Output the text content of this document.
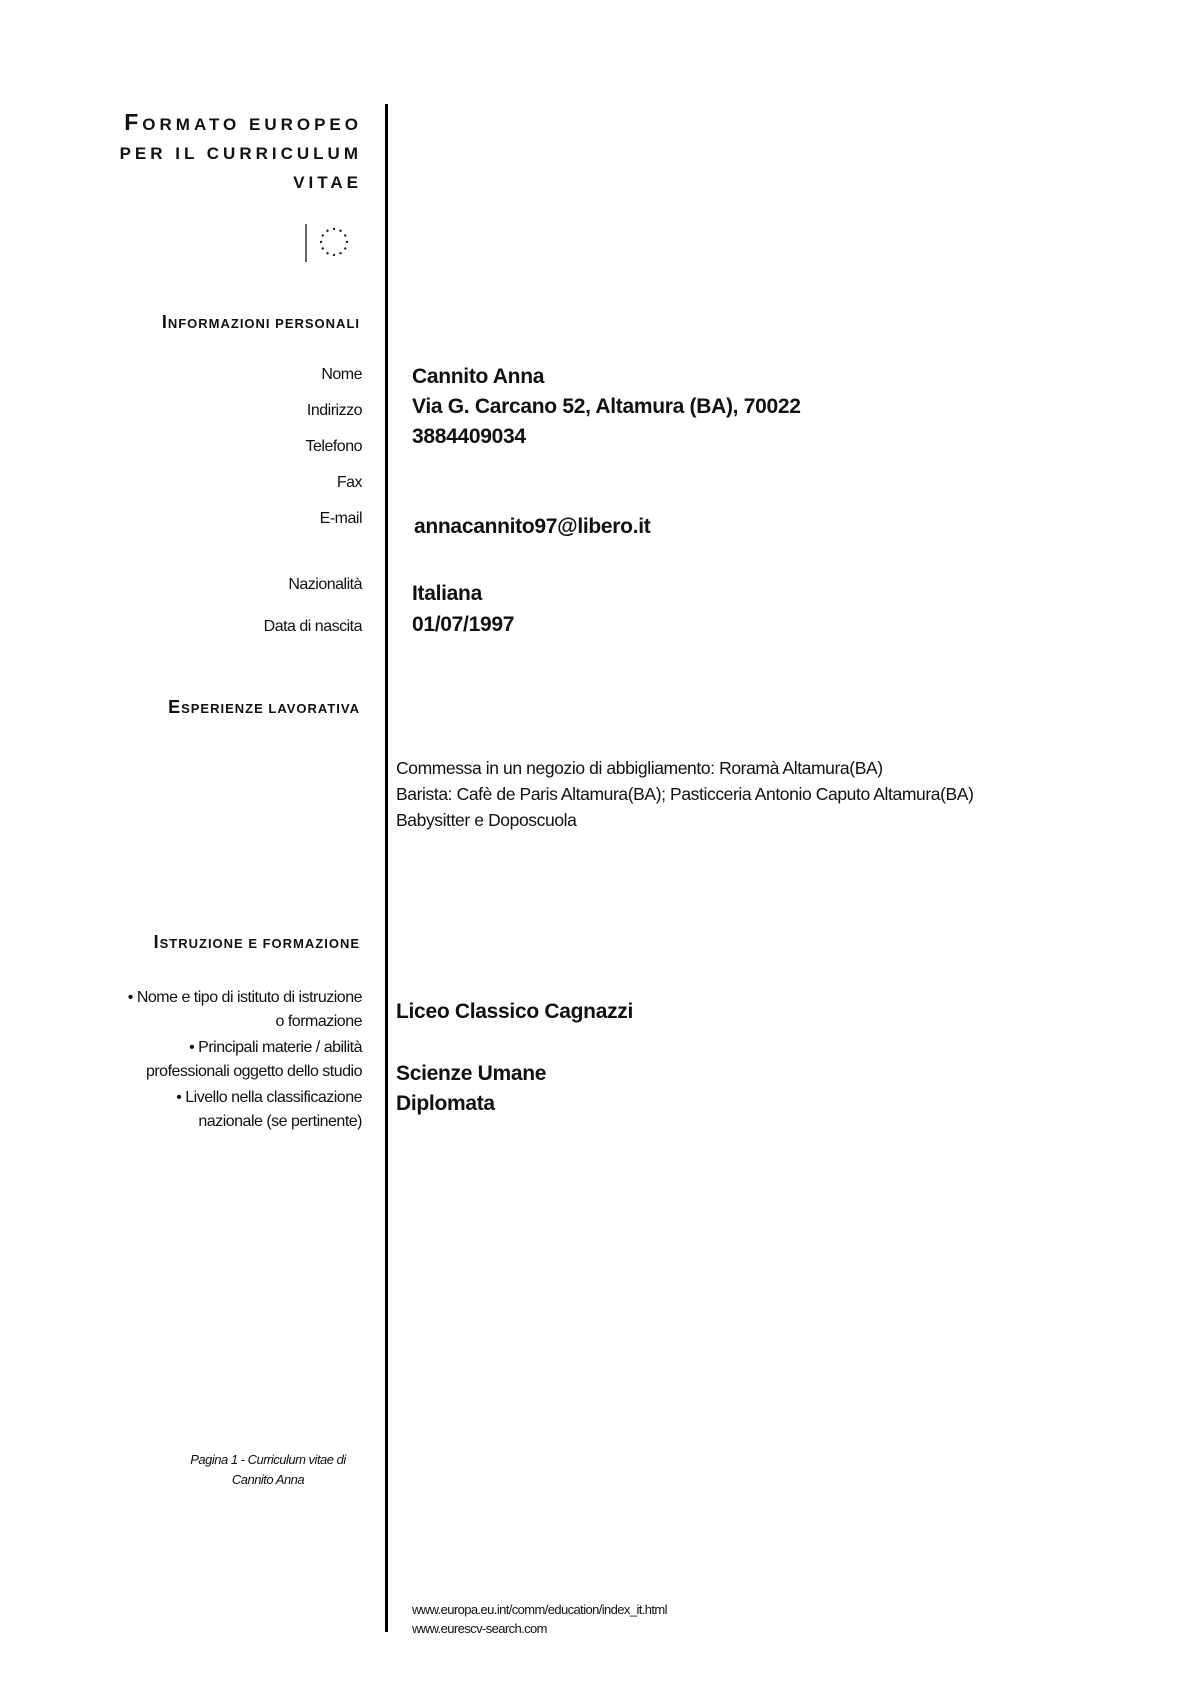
FORMATO EUROPEO
PER IL CURRICULUM
VITAE
INFORMAZIONI PERSONALI
Nome
Indirizzo
Telefono
Fax
E-mail
Nazionalità
Data di nascita
Cannito Anna
Via G. Carcano 52, Altamura (BA), 70022
3884409034
annacannito97@libero.it
Italiana
01/07/1997
ESPERIENZE LAVORATIVA
Commessa in un negozio di abbigliamento: Roramà Altamura(BA)
Barista: Cafè de Paris Altamura(BA); Pasticceria Antonio Caputo Altamura(BA)
Babysitter e Doposcuola
ISTRUZIONE E FORMAZIONE
• Nome e tipo di istituto di istruzione
o formazione
• Principali materie / abilità
professionali oggetto dello studio
• Livello nella classificazione
nazionale (se pertinente)
Liceo Classico Cagnazzi
Scienze Umane
Diplomata
Pagina 1 - Curriculum vitae di
Cannito Anna
www.europa.eu.int/comm/education/index_it.html
www.eurescv-search.com
